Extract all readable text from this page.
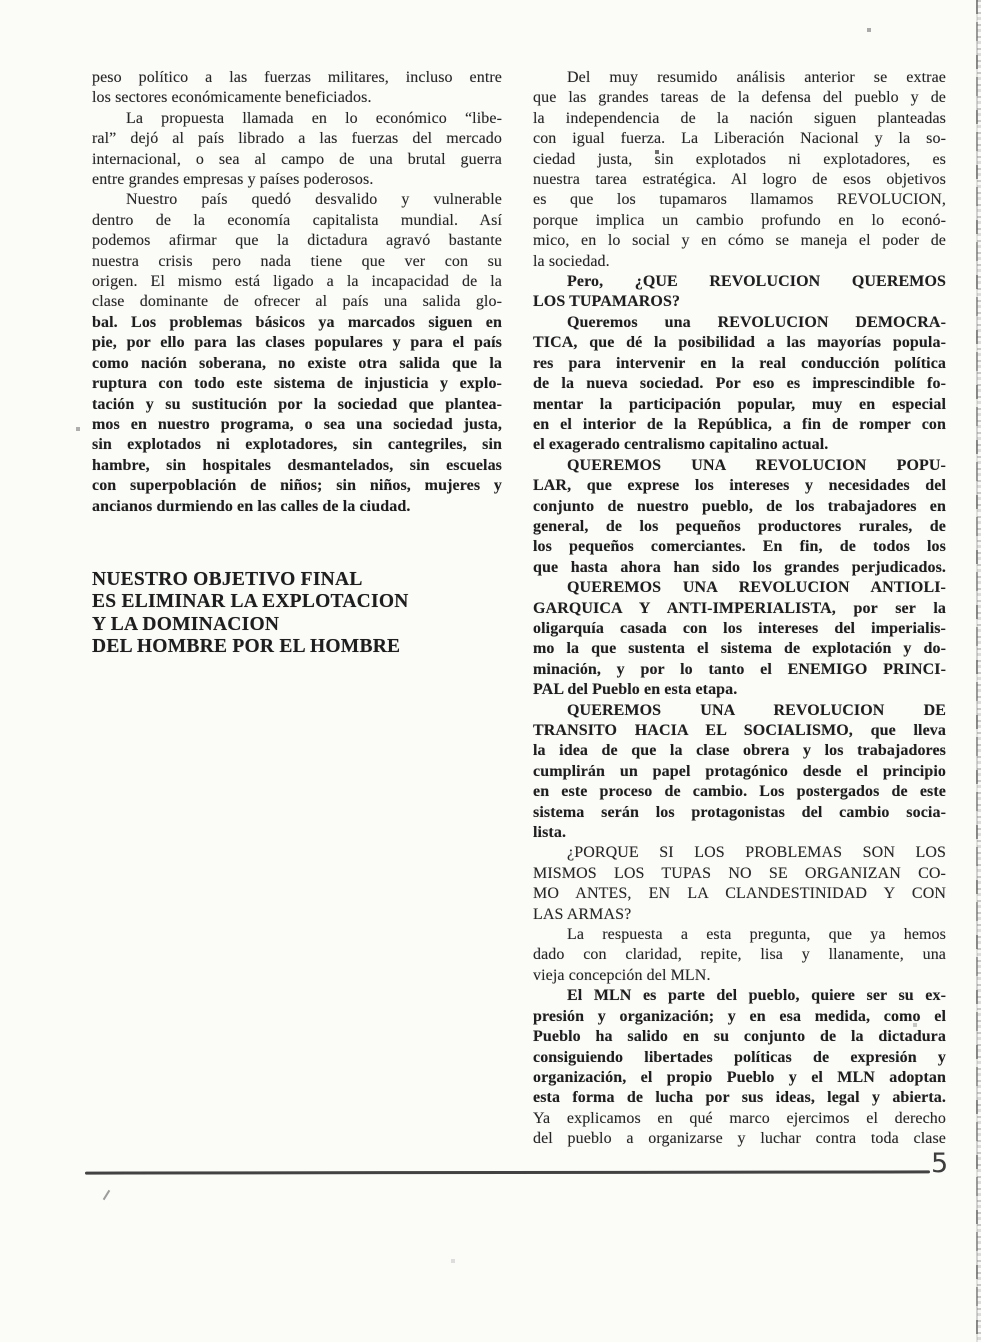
peso político a las fuerzas militares, incluso entre
los sectores económicamente beneficiados.
La propuesta llamada en lo económico “libe-
ral” dejó al país librado a las fuerzas del mercado
internacional, o sea al campo de una brutal guerra
entre grandes empresas y países poderosos.
Nuestro país quedó desvalido y vulnerable
dentro de la economía capitalista mundial. Así
podemos afirmar que la dictadura agravó bastante
nuestra crisis pero nada tiene que ver con su
origen. El mismo está ligado a la incapacidad de la
clase dominante de ofrecer al país una salida glo-
bal. Los problemas básicos ya marcados siguen en
pie, por ello para las clases populares y para el país
como nación soberana, no existe otra salida que la
ruptura con todo este sistema de injusticia y explo-
tación y su sustitución por la sociedad que plantea-
mos en nuestro programa, o sea una sociedad justa,
sin explotados ni explotadores, sin cantegriles, sin
hambre, sin hospitales desmantelados, sin escuelas
con superpoblación de niños; sin niños, mujeres y
ancianos durmiendo en las calles de la ciudad.
NUESTRO OBJETIVO FINAL
ES ELIMINAR LA EXPLOTACION
Y LA DOMINACION
DEL HOMBRE POR EL HOMBRE
Del muy resumido análisis anterior se extrae
que las grandes tareas de la defensa del pueblo y de
la independencia de la nación siguen planteadas
con igual fuerza. La Liberación Nacional y la so-
ciedad justa, sin explotados ni explotadores, es
nuestra tarea estratégica. Al logro de esos objetivos
es que los tupamaros llamamos REVOLUCION,
porque implica un cambio profundo en lo econó-
mico, en lo social y en cómo se maneja el poder de
la sociedad.
Pero, ¿QUE REVOLUCION QUEREMOS
LOS TUPAMAROS?
Queremos una REVOLUCION DEMOCRA-
TICA, que dé la posibilidad a las mayorías popula-
res para intervenir en la real conducción política
de la nueva sociedad. Por eso es imprescindible fo-
mentar la participación popular, muy en especial
en el interior de la República, a fin de romper con
el exagerado centralismo capitalino actual.
QUEREMOS UNA REVOLUCION POPU-
LAR, que exprese los intereses y necesidades del
conjunto de nuestro pueblo, de los trabajadores en
general, de los pequeños productores rurales, de
los pequeños comerciantes. En fin, de todos los
que hasta ahora han sido los grandes perjudicados.
QUEREMOS UNA REVOLUCION ANTIOLI-
GARQUICA Y ANTI-IMPERIALISTA, por ser la
oligarquía casada con los intereses del imperialis-
mo la que sustenta el sistema de explotación y do-
minación, y por lo tanto el ENEMIGO PRINCI-
PAL del Pueblo en esta etapa.
QUEREMOS UNA REVOLUCION DE
TRANSITO HACIA EL SOCIALISMO, que lleva
la idea de que la clase obrera y los trabajadores
cumplirán un papel protagónico desde el principio
en este proceso de cambio. Los postergados de este
sistema serán los protagonistas del cambio socia-
lista.
¿PORQUE SI LOS PROBLEMAS SON LOS
MISMOS LOS TUPAS NO SE ORGANIZAN CO-
MO ANTES, EN LA CLANDESTINIDAD Y CON
LAS ARMAS?
La respuesta a esta pregunta, que ya hemos
dado con claridad, repite, lisa y llanamente, una
vieja concepción del MLN.
El MLN es parte del pueblo, quiere ser su ex-
presión y organización; y en esa medida, como el
Pueblo ha salido en su conjunto de la dictadura
consiguiendo libertades políticas de expresión y
organización, el propio Pueblo y el MLN adoptan
esta forma de lucha por sus ideas, legal y abierta.
Ya explicamos en qué marco ejercimos el derecho
del pueblo a organizarse y luchar contra toda clase
5
